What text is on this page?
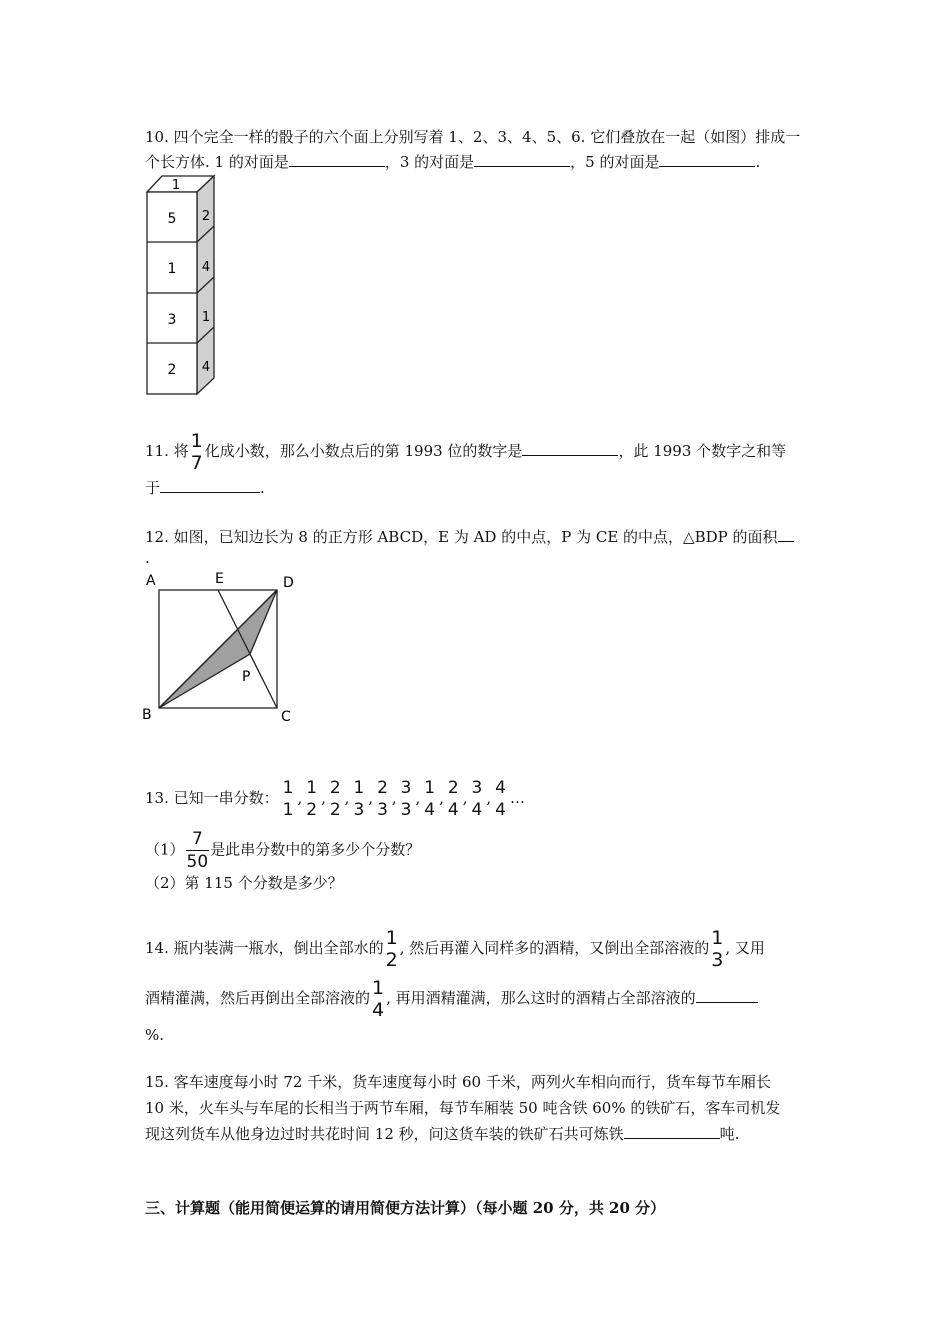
10. 四个完全一样的骰子的六个面上分别写着 1、2、3、4、5、6. 它们叠放在一起（如图）排成一
个长方体. 1 的对面是	，3 的对面是	，5 的对面是	.
1
5
1
3
2
2
4
1
4
11. 将 1
7
化成小数，那么小数点后的第 1993 位的数字是	，此 1993 个数字之和等
于	.
12. 如图，已知边长为 8 的正方形 ABCD，E 为 AD 的中点，P 为 CE 的中点，△BDP 的面积
.
A	E	D
P
B	C
13. 已知一串分数： 1
1
, 1
2
, 2
2
, 1
3
, 2
3
, 3
3
, 1
4
, 2
4
, 3
4
, 4
4
…
$(1) \frac{7}{50}$ 是此串分数中的第多少个分数？
（2）第 115 个分数是多少？
14. 瓶内装满一瓶水，倒出全部水的 1
2
, 然后再灌入同样多的酒精，又倒出全部溶液的 1
3
, 又用
酒精灌满，然后再倒出全部溶液的 1
4
, 再用酒精灌满，那么这时的酒精占全部溶液的
%.
15. 客车速度每小时 72 千米，货车速度每小时 60 千米，两列火车相向而行，货车每节车厢长
10 米，火车头与车尾的长相当于两节车厢，每节车厢装 50 吨含铁 60% 的铁矿石，客车司机发
现这列货车从他身边过时共花时间 12 秒，问这货车装的铁矿石共可炼铁	吨.
三、计算题（能用简便运算的请用简便方法计算）（每小题 20 分，共 20 分）
